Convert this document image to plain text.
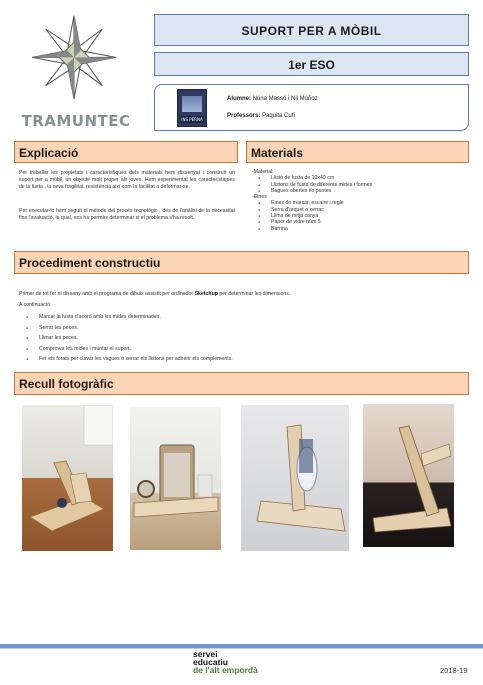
TRAMUNTEC
SUPORT PER A MÒBIL
1er ESO
INS PERNA
Alumne: Núria Massó i Nil Múñoz
Professors: Paquita Cufí
Explicació

Per treballar les propietats i característiques dels materials hem dissenyat i construït un suport per a mòbil, un objecte molt proper als joves. Hem experimentat les característiques de la fusta , la seva fragilitat, resistència així com la facilitat a deformar-se.

Per executar-lo hem seguit el mètode del procés tecnològic , des de l'anàlisi de la necessitat fins l'avaluació, la qual, ens ha permès determinar si el problema s'ha resolt.

Materials
-Material:
● Llistó de fusta de 10x40 cm
● Llistons de fusta de diferents mides i formes
● Bagues obertes i/o puntes
-Eines
● Eines de marcar, escaire i regle
● Serra d'arquet o xerrac
● Llima de mitja canya
● Paper de vidre núm 5
● Barrina
Procediment constructiu

Primer de tot fer el disseny amb el programa de dibuix assistit per ordinador Sketchup per determinar les dimensions.

A continuació:

● Marcar la fusta d'acord amb les mides determinades.
● Serrar les peces.
● Llimar les peces.
● Comprovar les mides i muntar el suport.
● Fer els forats per clavar les vagues o serrar els llistons per adherir els complements.
Recull fotogràfic
servei
educatiu
de l'alt empordà	2018-19
